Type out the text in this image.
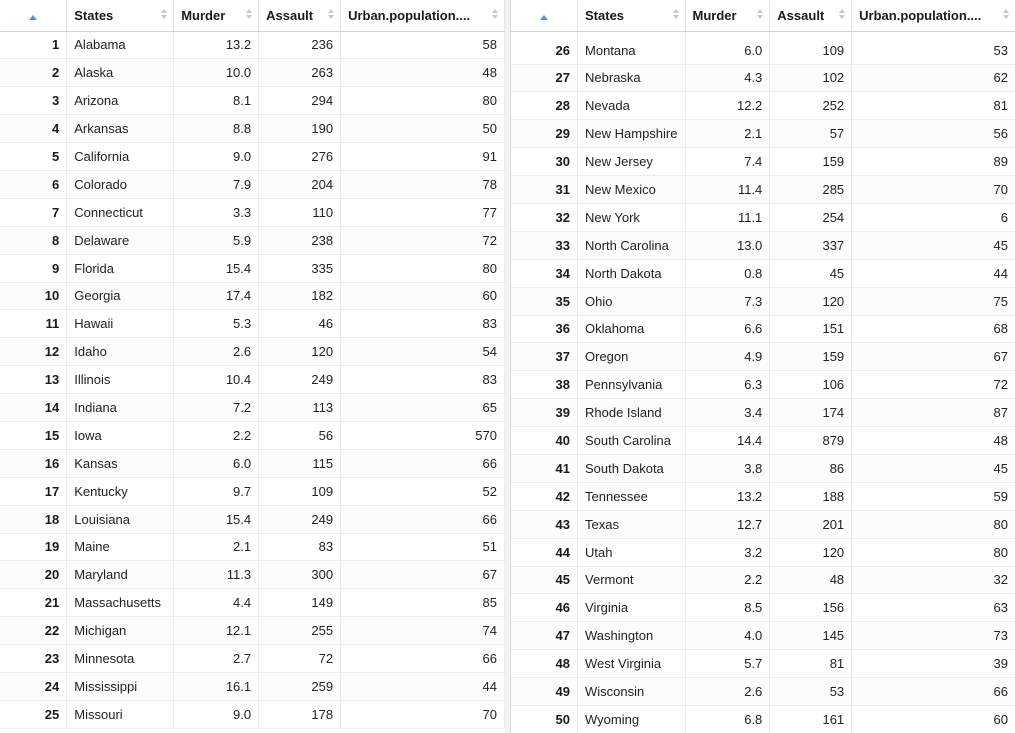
	States	Murder	Assault	Urban.population....

1	Alabama	13.2	236	58
2	Alaska	10.0	263	48
3	Arizona	8.1	294	80
4	Arkansas	8.8	190	50
5	California	9.0	276	91
6	Colorado	7.9	204	78
7	Connecticut	3.3	110	77
8	Delaware	5.9	238	72
9	Florida	15.4	335	80
10	Georgia	17.4	182	60
11	Hawaii	5.3	46	83
12	Idaho	2.6	120	54
13	Illinois	10.4	249	83
14	Indiana	7.2	113	65
15	Iowa	2.2	56	570
16	Kansas	6.0	115	66
17	Kentucky	9.7	109	52
18	Louisiana	15.4	249	66
19	Maine	2.1	83	51
20	Maryland	11.3	300	67
21	Massachusetts	4.4	149	85
22	Michigan	12.1	255	74
23	Minnesota	2.7	72	66
24	Mississippi	16.1	259	44
25	Missouri	9.0	178	70
	States	Murder	Assault	Urban.population....

26	Montana	6.0	109	53
27	Nebraska	4.3	102	62
28	Nevada	12.2	252	81
29	New Hampshire	2.1	57	56
30	New Jersey	7.4	159	89
31	New Mexico	11.4	285	70
32	New York	11.1	254	6
33	North Carolina	13.0	337	45
34	North Dakota	0.8	45	44
35	Ohio	7.3	120	75
36	Oklahoma	6.6	151	68
37	Oregon	4.9	159	67
38	Pennsylvania	6.3	106	72
39	Rhode Island	3.4	174	87
40	South Carolina	14.4	879	48
41	South Dakota	3.8	86	45
42	Tennessee	13.2	188	59
43	Texas	12.7	201	80
44	Utah	3.2	120	80
45	Vermont	2.2	48	32
46	Virginia	8.5	156	63
47	Washington	4.0	145	73
48	West Virginia	5.7	81	39
49	Wisconsin	2.6	53	66
50	Wyoming	6.8	161	60
